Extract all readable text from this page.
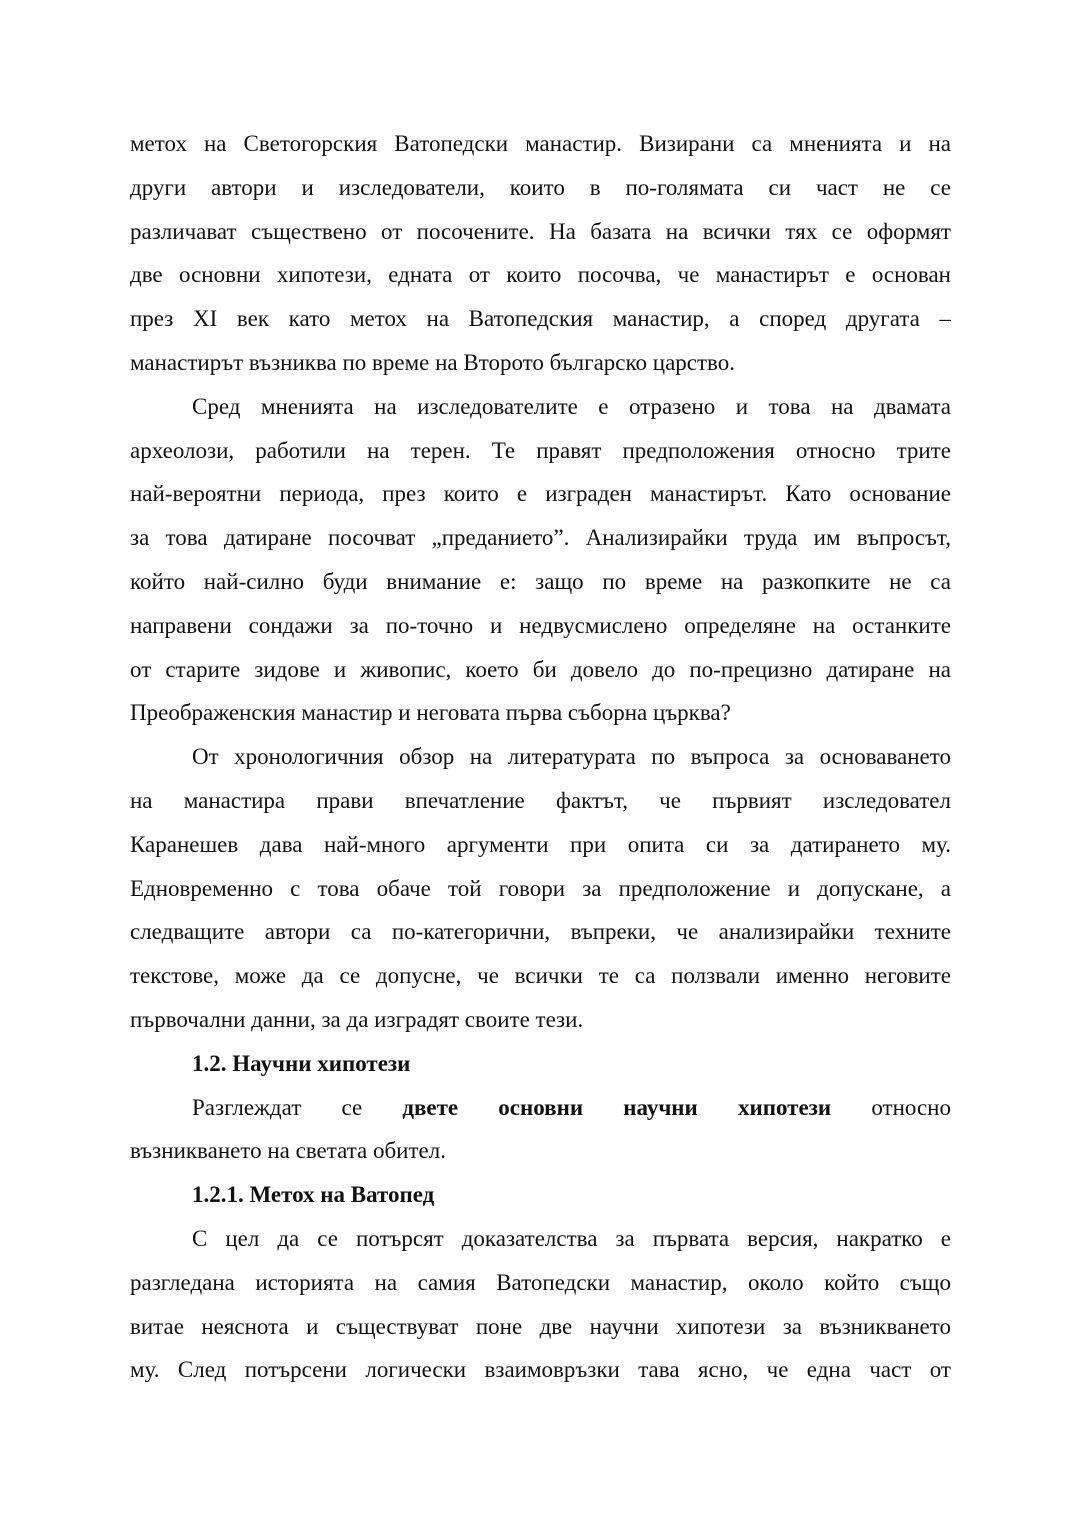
метох на Светогорския Ватопедски манастир. Визирани са мненията и на
други автори и изследователи, които в по-голямата си част не се
различават съществено от посочените. На базата на всички тях се оформят
две основни хипотези, едната от които посочва, че манастирът е основан
през XI век като метох на Ватопедския манастир, а според другата –
манастирът възниква по време на Второто българско царство.
Сред мненията на изследователите е отразено и това на двамата
археолози, работили на терен. Те правят предположения относно трите
най-вероятни периода, през които е изграден манастирът. Като основание
за това датиране посочват „преданието”. Анализирайки труда им въпросът,
който най-силно буди внимание е: защо по време на разкопките не са
направени сондажи за по-точно и недвусмислено определяне на останките
от старите зидове и живопис, което би довело до по-прецизно датиране на
Преображенския манастир и неговата първа съборна църква?
От хронологичния обзор на литературата по въпроса за основаването
на манастира прави впечатление фактът, че първият изследовател
Каранешев дава най-много аргументи при опита си за датирането му.
Едновременно с това обаче той говори за предположение и допускане, а
следващите автори са по-категорични, въпреки, че анализирайки техните
текстове, може да се допусне, че всички те са ползвали именно неговите
първочални данни, за да изградят своите тези.
1.2. Научни хипотези
Разглеждат се двете основни научни хипотези относно
възникването на светата обител.
1.2.1. Метох на Ватопед
С цел да се потърсят доказателства за първата версия, накратко е
разгледана историята на самия Ватопедски манастир, около който също
витае неяснота и съществуват поне две научни хипотези за възникването
му. След потърсени логически взаимовръзки тава ясно, че една част от
